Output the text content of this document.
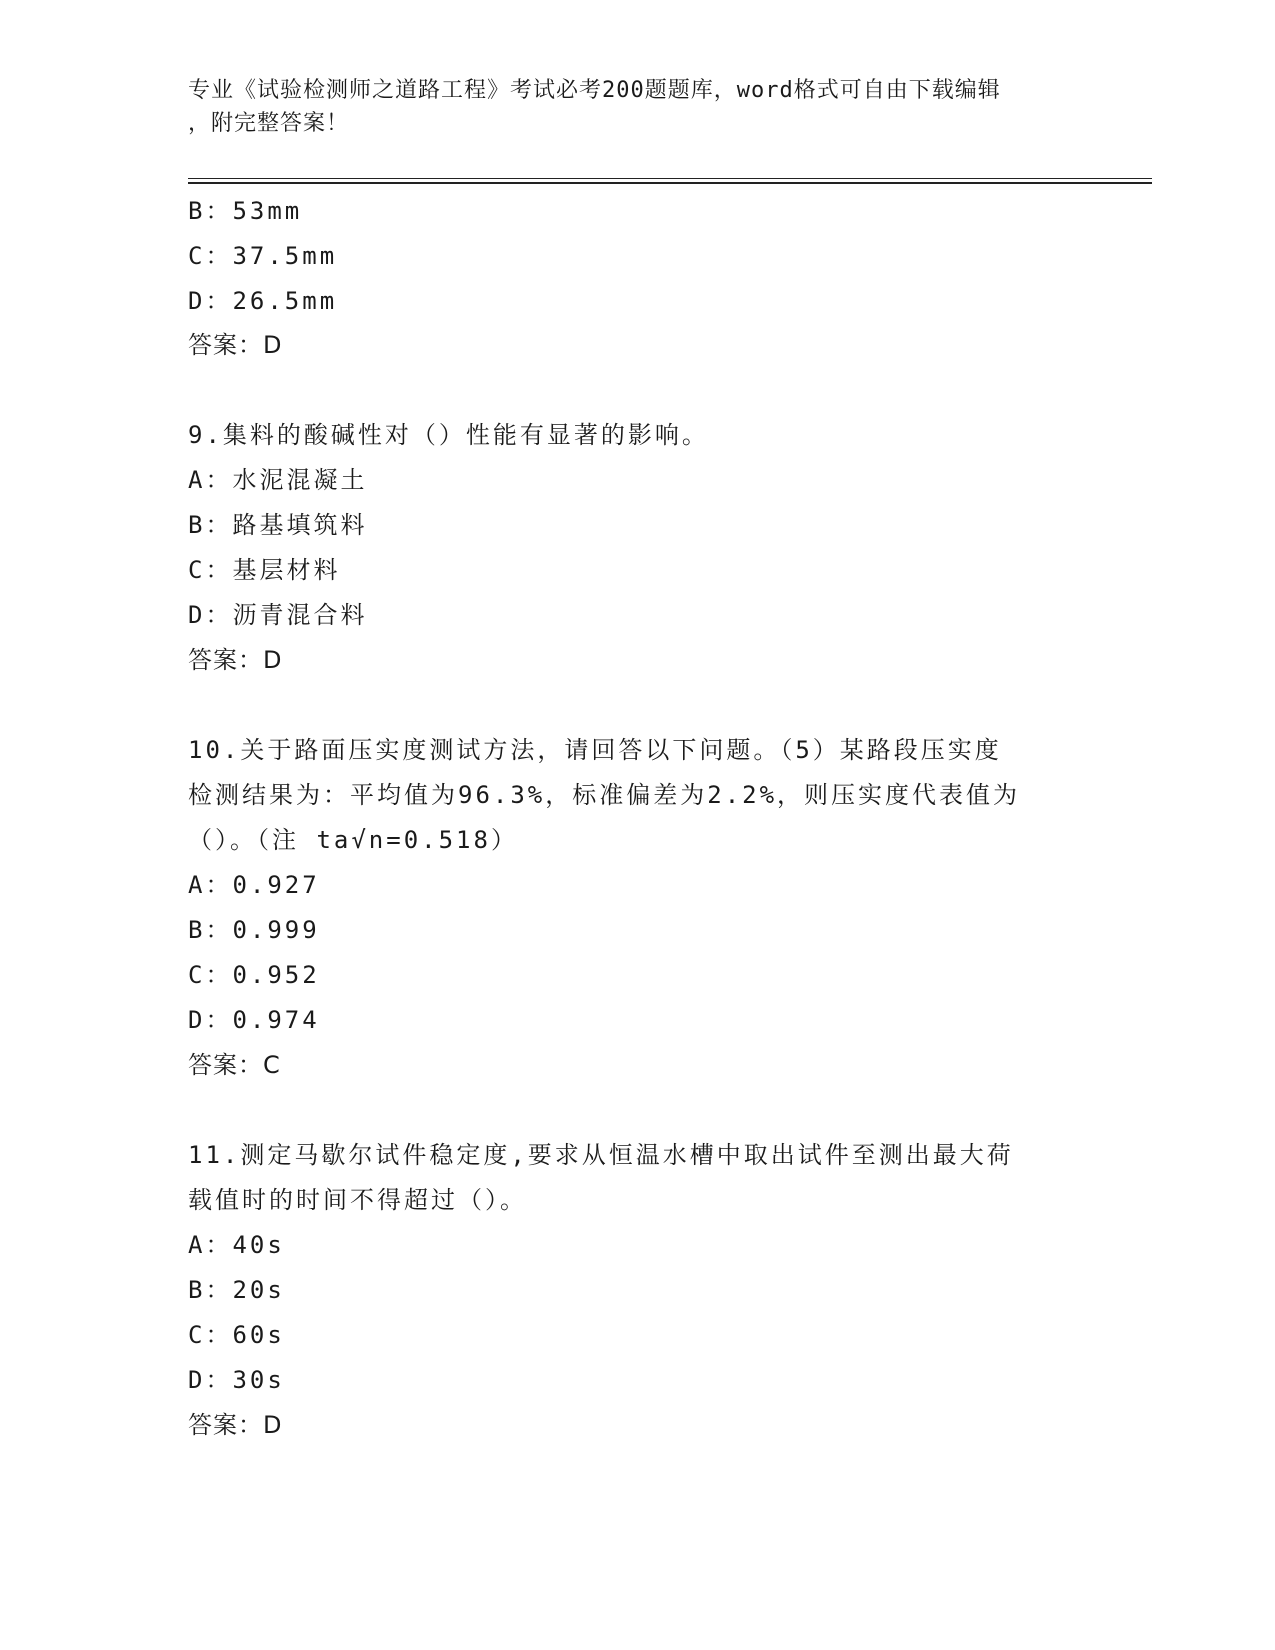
专业《试验检测师之道路工程》考试必考200题题库，word格式可自由下载编辑
，附完整答案！
B：53mm
C：37.5mm
D：26.5mm
答案：D
9.集料的酸碱性对（）性能有显著的影响。
A：水泥混凝土
B：路基填筑料
C：基层材料
D：沥青混合料
答案：D
10.关于路面压实度测试方法，请回答以下问题。（5）某路段压实度
检测结果为：平均值为96.3%，标准偏差为2.2%，则压实度代表值为
（）。（注 ta√n=0.518）
A：0.927
B：0.999
C：0.952
D：0.974
答案：C
11.测定马歇尔试件稳定度,要求从恒温水槽中取出试件至测出最大荷
载值时的时间不得超过（）。
A：40s
B：20s
C：60s
D：30s
答案：D
